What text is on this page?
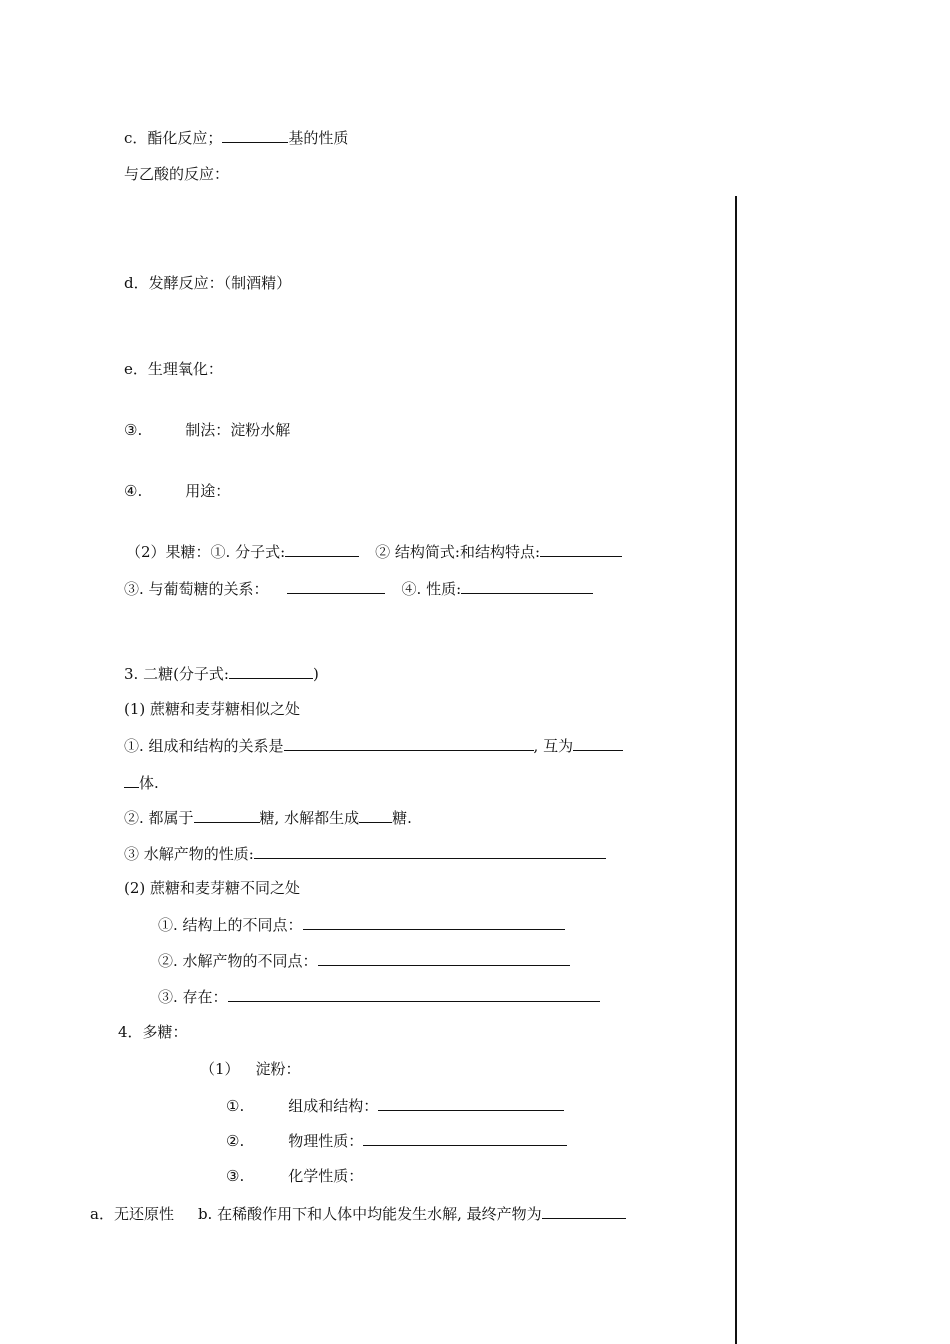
c．酯化反应；	基的性质
与乙酸的反应：
d．发酵反应：（制酒精）
e．生理氧化：
③.	制法：淀粉水解
④.	用途：
（2）果糖：①. 分子式:	② 结构简式:和结构特点:
③. 与葡萄糖的关系：	④. 性质:
3. 二糖(分子式:	)
(1) 蔗糖和麦芽糖相似之处
①. 组成和结构的关系是	, 互为
体.
②. 都属于	糖, 水解都生成 糖.
③ 水解产物的性质:
(2) 蔗糖和麦芽糖不同之处
①. 结构上的不同点：
②. 水解产物的不同点：
③. 存在：
4．多糖：
（1） 淀粉：
①.	组成和结构：
②.	物理性质：
③.	化学性质：
a．无还原性 b. 在稀酸作用下和人体中均能发生水解, 最终产物为
